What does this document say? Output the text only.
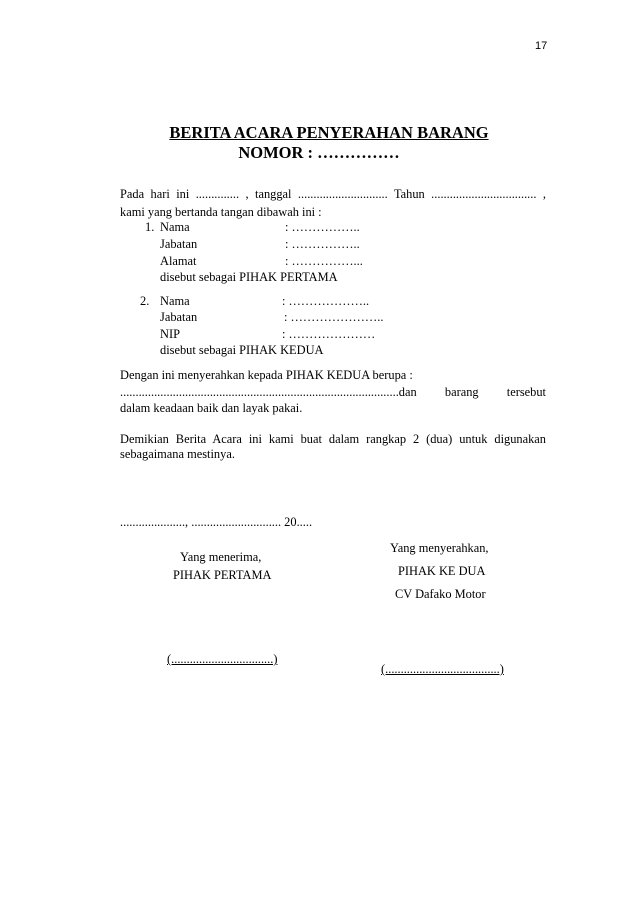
17
BERITA ACARA PENYERAHAN BARANG
NOMOR : ……………
Pada hari ini .............. , tanggal ............................. Tahun .................................. ,
kami yang bertanda tangan dibawah ini :
1. Nama	: ……………..
Jabatan	: ……………..
Alamat	: ……………...
disebut sebagai PIHAK PERTAMA
2. Nama	: ………………..
Jabatan	: …………………..
NIP	: …………………
disebut sebagai PIHAK KEDUA
Dengan ini menyerahkan kepada PIHAK KEDUA berupa :
..........................................................................................dan barang tersebut
dalam keadaan baik dan layak pakai.
Demikian Berita Acara ini kami buat dalam rangkap 2 (dua) untuk digunakan
sebagaimana mestinya.
....................., ............................. 20.....
Yang menerima,
PIHAK PERTAMA
(.................................)
Yang menyerahkan,
PIHAK KE DUA
CV Dafako Motor
(.....................................)
